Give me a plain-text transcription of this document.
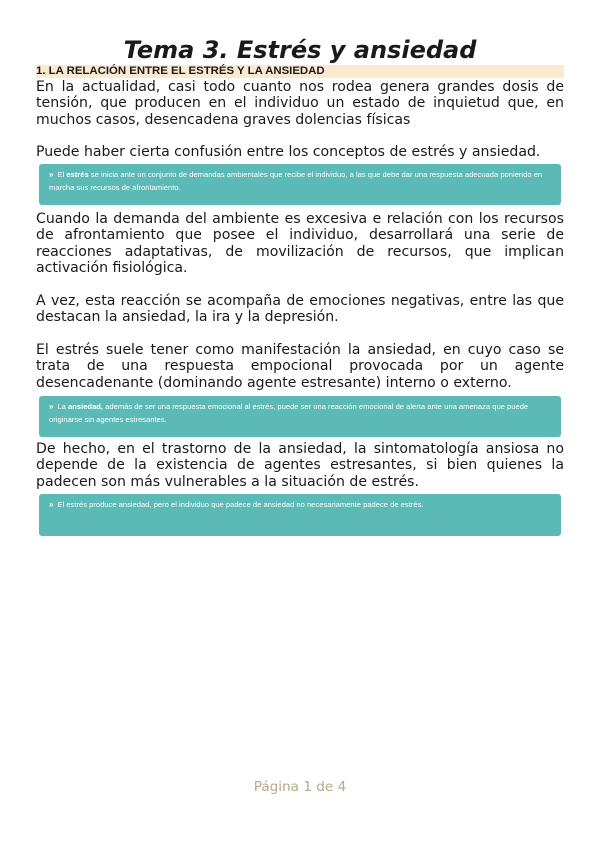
Tema 3. Estrés y ansiedad
1. LA RELACIÓN ENTRE EL ESTRÉS Y LA ANSIEDAD

En la actualidad, casi todo cuanto nos rodea genera grandes dosis de tensión, que producen en el individuo un estado de inquietud que, en muchos casos, desencadena graves dolencias físicas

Puede haber cierta confusión entre los conceptos de estrés y ansiedad.

» El estrés se inicia ante un conjunto de demandas ambientales que recibe el individuo, a las que debe dar una respuesta adecuada poniendo en marcha sus recursos de afrontamiento.

Cuando la demanda del ambiente es excesiva e relación con los recursos de afrontamiento que posee el individuo, desarrollará una serie de reacciones adaptativas, de movilización de recursos, que implican activación fisiológica.

A vez, esta reacción se acompaña de emociones negativas, entre las que destacan la ansiedad, la ira y la depresión.

El estrés suele tener como manifestación la ansiedad, en cuyo caso se trata de una respuesta empocional provocada por un agente desencadenante (dominando agente estresante) interno o externo.

» La ansiedad, además de ser una respuesta emocional al estrés, puede ser una reacción emocional de alerta ante una amenaza que puede originarse sin agentes estresantes.

De hecho, en el trastorno de la ansiedad, la sintomatología ansiosa no depende de la existencia de agentes estresantes, si bien quienes la padecen son más vulnerables a la situación de estrés.

» El estrés produce ansiedad, pero el individuo que padece de ansiedad no necesariamente padece de estrés.
Página 1 de 4
